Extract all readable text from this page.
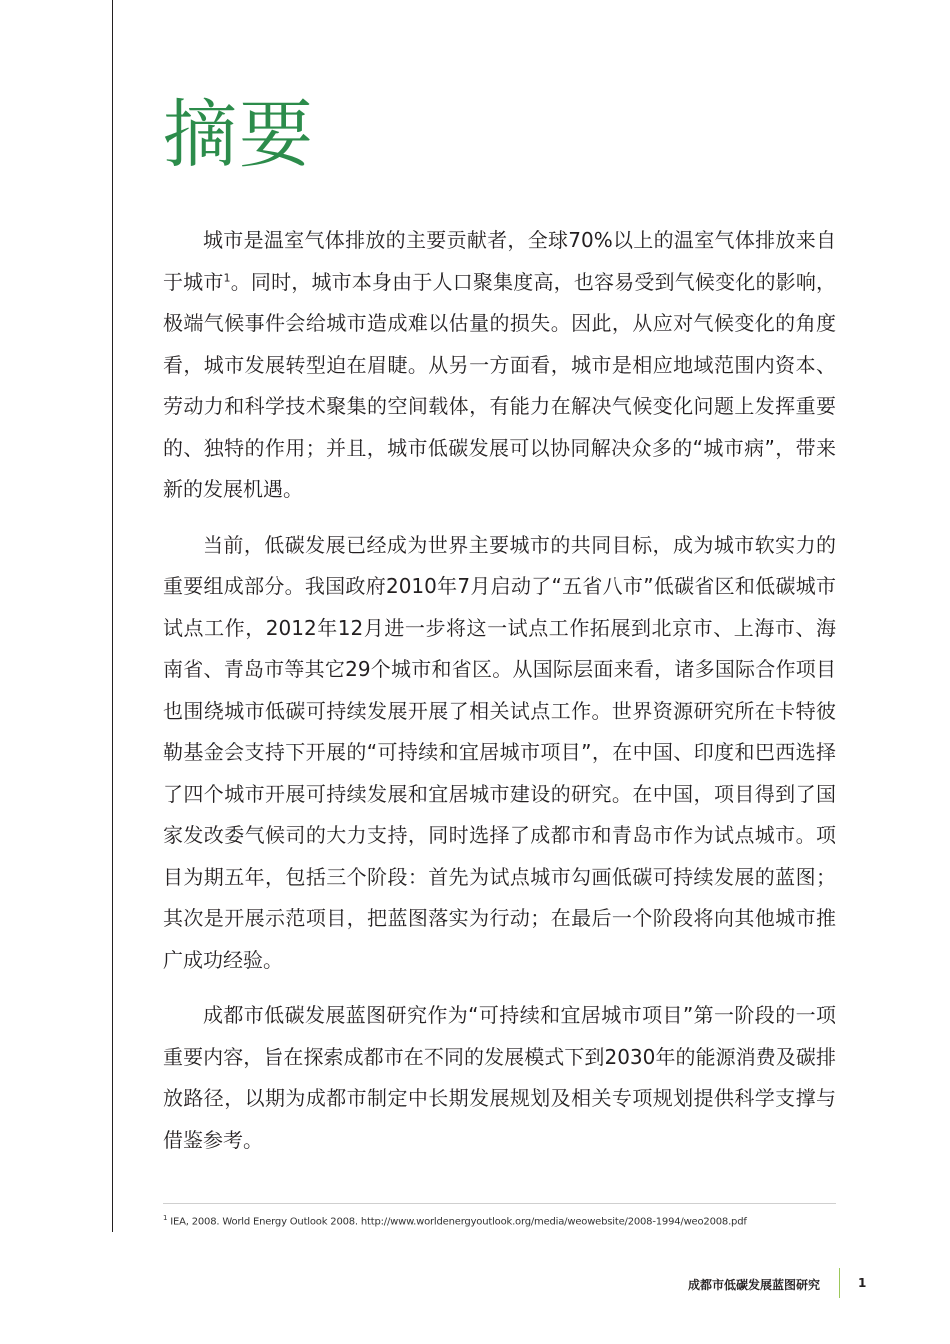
摘要

城市是温室气体排放的主要贡献者，全球70%以上的温室气体排放来自于城市$^1$。同时，城市本身由于人口聚集度高，也容易受到气候变化的影响，极端气候事件会给城市造成难以估量的损失。因此，从应对气候变化的角度看，城市发展转型迫在眉睫。从另一方面看，城市是相应地域范围内资本、劳动力和科学技术聚集的空间载体，有能力在解决气候变化问题上发挥重要的、独特的作用；并且，城市低碳发展可以协同解决众多的“城市病”，带来新的发展机遇。

当前，低碳发展已经成为世界主要城市的共同目标，成为城市软实力的重要组成部分。我国政府2010年7月启动了“五省八市”低碳省区和低碳城市试点工作，2012年12月进一步将这一试点工作拓展到北京市、上海市、海南省、青岛市等其它29个城市和省区。从国际层面来看，诸多国际合作项目也围绕城市低碳可持续发展开展了相关试点工作。世界资源研究所在卡特彼勒基金会支持下开展的“可持续和宜居城市项目”，在中国、印度和巴西选择了四个城市开展可持续发展和宜居城市建设的研究。在中国，项目得到了国家发改委气候司的大力支持，同时选择了成都市和青岛市作为试点城市。项目为期五年，包括三个阶段：首先为试点城市勾画低碳可持续发展的蓝图；其次是开展示范项目，把蓝图落实为行动；在最后一个阶段将向其他城市推广成功经验。

成都市低碳发展蓝图研究作为“可持续和宜居城市项目”第一阶段的一项重要内容，旨在探索成都市在不同的发展模式下到2030年的能源消费及碳排放路径，以期为成都市制定中长期发展规划及相关专项规划提供科学支撑与借鉴参考。

$^1$ IEA, 2008. World Energy Outlook 2008. http://www.worldenergyoutlook.org/media/weowebsite/2008-1994/weo2008.pdf
成都市低碳发展蓝图研究	1
